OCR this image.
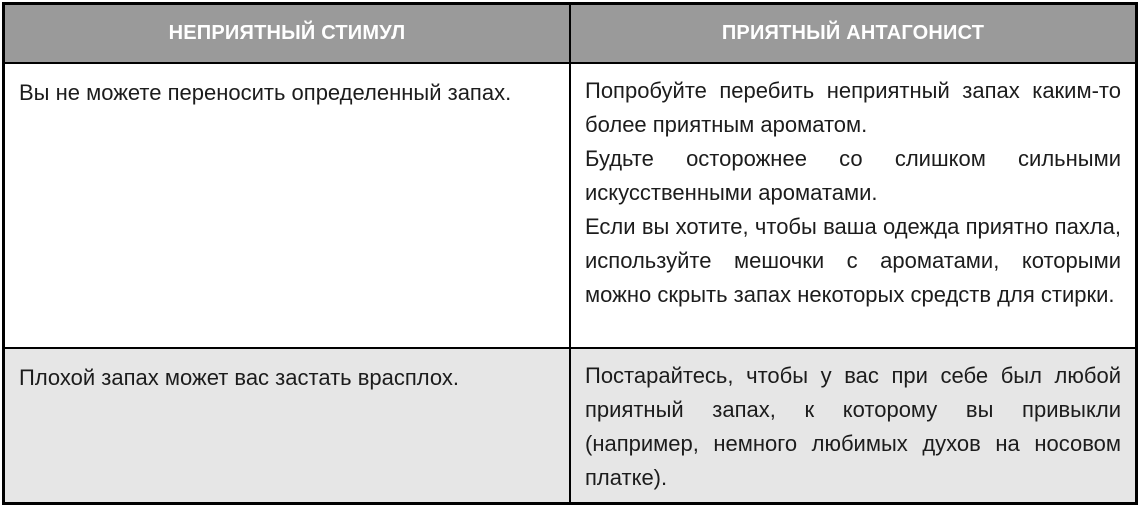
НЕПРИЯТНЫЙ СТИМУЛ	ПРИЯТНЫЙ АНТАГОНИСТ
Вы не можете переносить определенный запах.	Попробуйте перебить неприятный запах каким-то более приятным ароматом.

Будьте осторожнее со слишком сильными искусственными ароматами.

Если вы хотите, чтобы ваша одежда приятно пахла, используйте мешочки с ароматами, которыми можно скрыть запах некоторых средств для стирки.

Плохой запах может вас застать врасплох.	Постарайтесь, чтобы у вас при себе был любой приятный запах, к которому вы привыкли (например, немного любимых духов на носовом платке).
